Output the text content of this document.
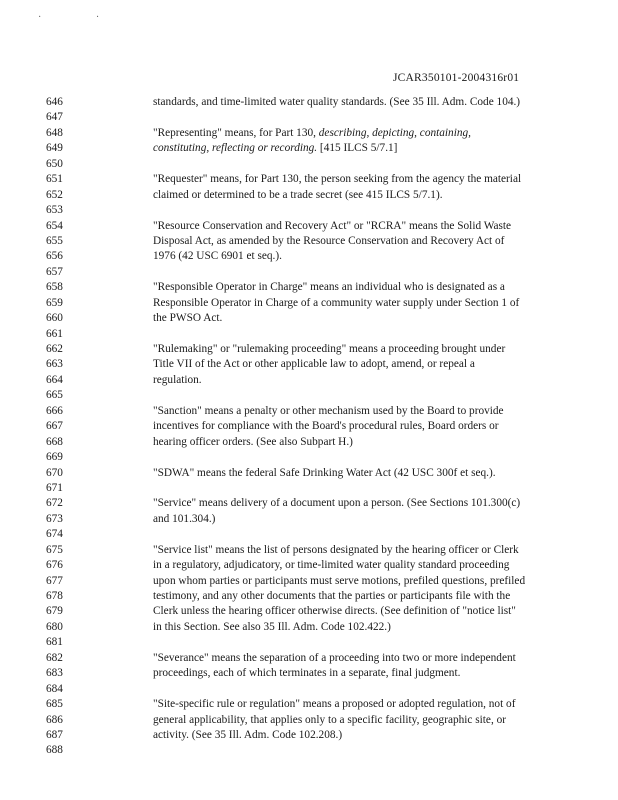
· ·
JCAR350101-2004316r01
646	standards, and time-limited water quality standards. (See 35 Ill. Adm. Code 104.)
647
648	"Representing" means, for Part 130, describing, depicting, containing,
649	constituting, reflecting or recording. [415 ILCS 5/7.1]
650
651	"Requester" means, for Part 130, the person seeking from the agency the material
652	claimed or determined to be a trade secret (see 415 ILCS 5/7.1).
653
654	"Resource Conservation and Recovery Act" or "RCRA" means the Solid Waste
655	Disposal Act, as amended by the Resource Conservation and Recovery Act of
656	1976 (42 USC 6901 et seq.).
657
658	"Responsible Operator in Charge" means an individual who is designated as a
659	Responsible Operator in Charge of a community water supply under Section 1 of
660	the PWSO Act.
661
662	"Rulemaking" or "rulemaking proceeding" means a proceeding brought under
663	Title VII of the Act or other applicable law to adopt, amend, or repeal a
664	regulation.
665
666	"Sanction" means a penalty or other mechanism used by the Board to provide
667	incentives for compliance with the Board's procedural rules, Board orders or
668	hearing officer orders. (See also Subpart H.)
669
670	"SDWA" means the federal Safe Drinking Water Act (42 USC 300f et seq.).
671
672	"Service" means delivery of a document upon a person. (See Sections 101.300(c)
673	and 101.304.)
674
675	"Service list" means the list of persons designated by the hearing officer or Clerk
676	in a regulatory, adjudicatory, or time-limited water quality standard proceeding
677	upon whom parties or participants must serve motions, prefiled questions, prefiled
678	testimony, and any other documents that the parties or participants file with the
679	Clerk unless the hearing officer otherwise directs. (See definition of "notice list"
680	in this Section. See also 35 Ill. Adm. Code 102.422.)
681
682	"Severance" means the separation of a proceeding into two or more independent
683	proceedings, each of which terminates in a separate, final judgment.
684
685	"Site-specific rule or regulation" means a proposed or adopted regulation, not of
686	general applicability, that applies only to a specific facility, geographic site, or
687	activity. (See 35 Ill. Adm. Code 102.208.)
688
